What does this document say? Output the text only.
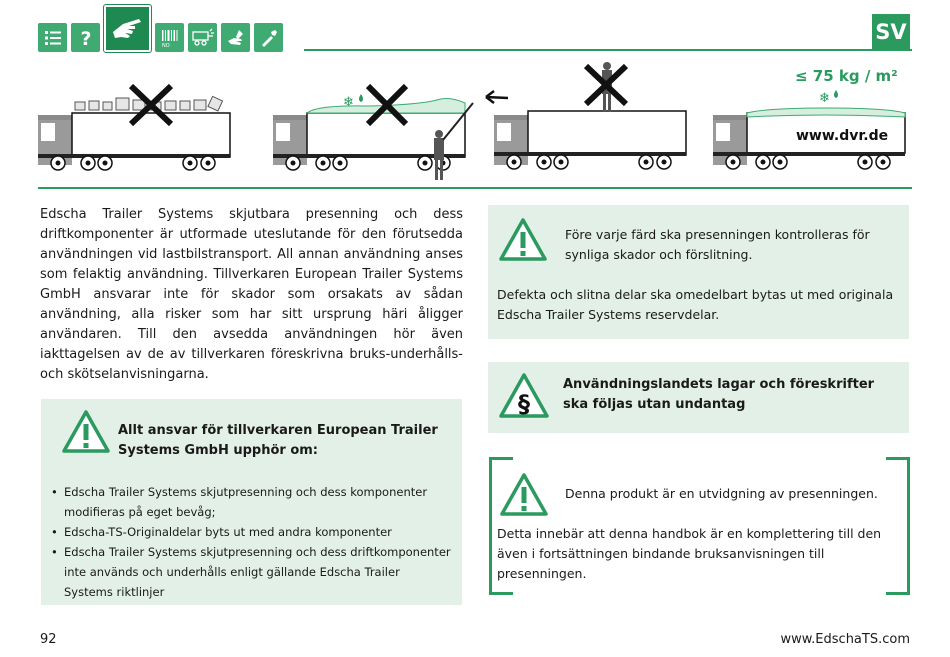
?	NO
SV
❄	❄
≤ 75 kg / m²
www.dvr.de

Edscha Trailer Systems skjutbara presenning och dess driftkomponenter är utformade uteslutande för den förutsedda användningen vid lastbilstransport. All annan användning anses som felaktig användning. Tillverkaren European Trailer Systems GmbH ansvarar inte för skador som orsakats av sådan användning, alla risker som har sitt ursprung häri åligger användaren. Till den avsedda användningen hör även iakttagelsen av de av tillverkaren föreskrivna bruks-underhålls-och skötselanvisningarna.

Allt ansvar för tillverkaren European Trailer Systems GmbH upphör om:
• Edscha Trailer Systems skjutpresenning och dess komponenter modifieras på eget bevåg;
• Edscha-TS-Originaldelar byts ut med andra komponenter
• Edscha Trailer Systems skjutpresenning och dess driftkomponenter inte används och underhålls enligt gällande Edscha Trailer Systems riktlinjer

Före varje färd ska presenningen kontrolleras för synliga skador och förslitning.

Defekta och slitna delar ska omedelbart bytas ut med originala Edscha Trailer Systems reservdelar.

§

Användningslandets lagar och föreskrifter ska följas utan undantag

Denna produkt är en utvidgning av presenningen.

Detta innebär att denna handbok är en komplettering till den även i fortsättningen bindande bruksanvisningen till presenningen.

92	www.EdschaTS.com
